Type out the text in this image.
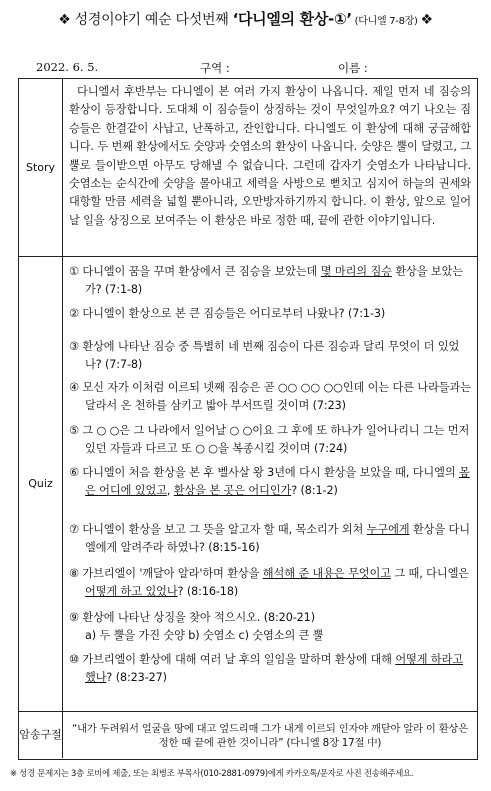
❖ 성경이야기 예순 다섯번째 ‘다니엘의 환상-①’ (다니엘 7-8장) ❖
2022. 6. 5.	구역 :	이름 :
Story

다니엘서 후반부는 다니엘이 본 여러 가지 환상이 나옵니다. 제일 먼저 네 짐승의 환상이 등장합니다. 도대체 이 짐승들이 상징하는 것이 무엇일까요? 여기 나오는 짐승들은 한결같이 사납고, 난폭하고, 잔인합니다. 다니엘도 이 환상에 대해 궁금해합니다. 두 번째 환상에서도 숫양과 숫염소의 환상이 나옵니다. 숫양은 뿔이 달렸고, 그 뿔로 들이받으면 아무도 당해낼 수 없습니다. 그런데 갑자기 숫염소가 나타납니다. 숫염소는 순식간에 숫양을 몰아내고 세력을 사방으로 뻗치고 심지어 하늘의 권세와 대항할 만큼 세력을 넓힐 뿐아니라, 오만방자하기까지 합니다. 이 환상, 앞으로 일어날 일을 상징으로 보여주는 이 환상은 바로 정한 때, 끝에 관한 이야기입니다.

Quiz
① 다니엘이 꿈을 꾸며 환상에서 큰 짐승을 보았는데 몇 마리의 짐승 환상을 보았는가? (7:1-8)
② 다니엘이 환상으로 본 큰 짐승들은 어디로부터 나왔나? (7:1-3)
③ 환상에 나타난 짐승 중 특별히 네 번째 짐승이 다른 짐승과 달리 무엇이 더 있었나? (7:7-8)
④ 모신 자가 이처럼 이르되 넷째 짐승은 곧 ○○ ○○ ○○인데 이는 다른 나라들과는 달라서 온 천하를 삼키고 밟아 부서뜨릴 것이며 (7:23)
⑤ 그 ○ ○은 그 나라에서 일어날 ○ ○이요 그 후에 또 하나가 일어나리니 그는 먼저 있던 자들과 다르고 또 ○ ○을 복종시킬 것이며 (7:24)
⑥ 다니엘이 처음 환상을 본 후 벨사살 왕 3년에 다시 환상을 보았을 때, 다니엘의 몸은 어디에 있었고, 환상을 본 곳은 어디인가? (8:1-2)
⑦ 다니엘이 환상을 보고 그 뜻을 알고자 할 때, 목소리가 외쳐 누구에게 환상을 다니엘에게 알려주라 하였나? (8:15-16)
⑧ 가브리엘이 '깨달아 알라'하며 환상을 해석해 준 내용은 무엇이고 그 때, 다니엘은 어떻게 하고 있었나? (8:16-18)
⑨ 환상에 나타난 상징을 찾아 적으시오. (8:20-21)
a) 두 뿔을 가진 숫양 b) 숫염소 c) 숫염소의 큰 뿔
⑩ 가브리엘이 환상에 대해 여러 날 후의 일임을 말하며 환상에 대해 어떻게 하라고 했나? (8:23-27)
암송 구절 “내가 두려워서 얼굴을 땅에 대고 엎드리매 그가 내게 이르되 인자야 깨닫아 알라 이 환상은 정한 때 끝에 관한 것이니라” (다니엘 8장 17절 中)

※ 성경 문제지는 3층 로비에 제출, 또는 최병조 부목사(010-2881-0979)에게 카카오톡/문자로 사진 전송해주세요.
